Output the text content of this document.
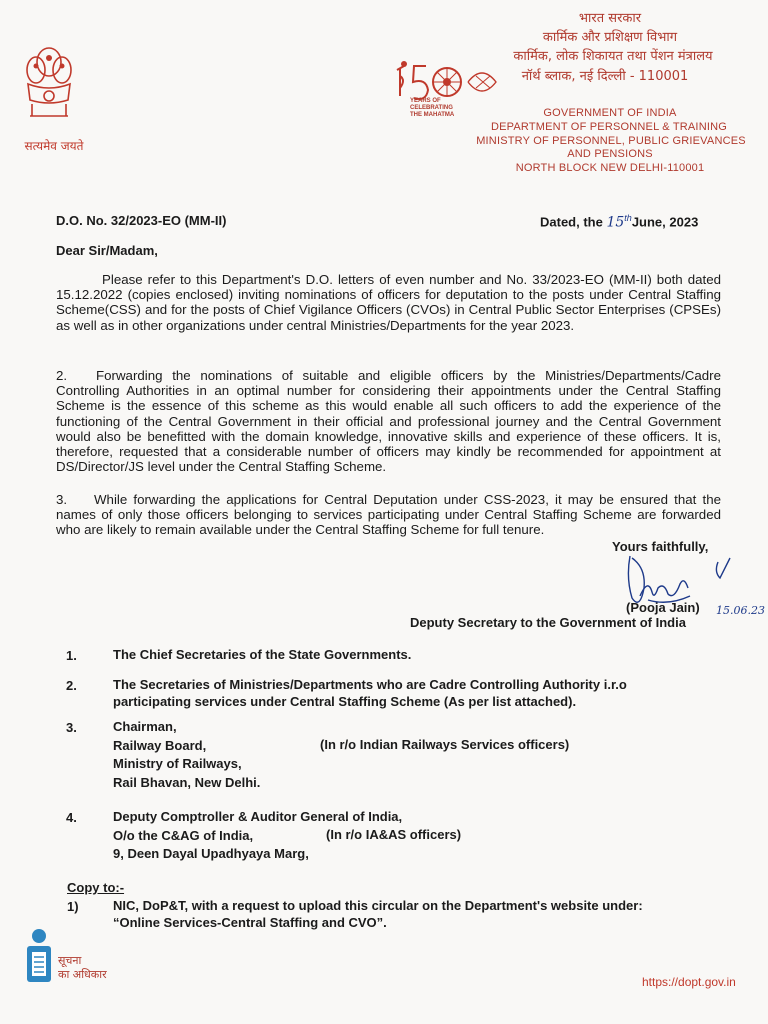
सत्यमेव जयते
YEARS OF
CELEBRATING
THE MAHATMA
भारत सरकार
कार्मिक और प्रशिक्षण विभाग
कार्मिक, लोक शिकायत तथा पेंशन मंत्रालय
नॉर्थ ब्लाक, नई दिल्ली - 110001
GOVERNMENT OF INDIA
DEPARTMENT OF PERSONNEL & TRAINING
MINISTRY OF PERSONNEL, PUBLIC GRIEVANCES
AND PENSIONS
NORTH BLOCK NEW DELHI-110001
D.O. No. 32/2023-EO (MM-II)	Dated, the 15thJune, 2023
Dear Sir/Madam,
Please refer to this Department's D.O. letters of even number and No. 33/2023-EO (MM-II) both dated 15.12.2022 (copies enclosed) inviting nominations of officers for deputation to the posts under Central Staffing Scheme(CSS) and for the posts of Chief Vigilance Officers (CVOs) in Central Public Sector Enterprises (CPSEs) as well as in other organizations under central Ministries/Departments for the year 2023.
2. Forwarding the nominations of suitable and eligible officers by the Ministries/Departments/Cadre Controlling Authorities in an optimal number for considering their appointments under the Central Staffing Scheme is the essence of this scheme as this would enable all such officers to add the experience of the functioning of the Central Government in their official and professional journey and the Central Government would also be benefitted with the domain knowledge, innovative skills and experience of these officers. It is, therefore, requested that a considerable number of officers may kindly be recommended for appointment at DS/Director/JS level under the Central Staffing Scheme.
3. While forwarding the applications for Central Deputation under CSS-2023, it may be ensured that the names of only those officers belonging to services participating under Central Staffing Scheme are forwarded who are likely to remain available under the Central Staffing Scheme for full tenure.
Yours faithfully,
(Pooja Jain) 15.06.23
Deputy Secretary to the Government of India
1.	The Chief Secretaries of the State Governments.
2.	The Secretaries of Ministries/Departments who are Cadre Controlling Authority i.r.o
participating services under Central Staffing Scheme (As per list attached).
3.	Chairman,
Railway Board,
Ministry of Railways,
Rail Bhavan, New Delhi.
(In r/o Indian Railways Services officers)
4.	Deputy Comptroller & Auditor General of India,
O/o the C&AG of India,
9, Deen Dayal Upadhyaya Marg,
(In r/o IA&AS officers)
Copy to:-
1)	NIC, DoP&T, with a request to upload this circular on the Department's website under:
“Online Services-Central Staffing and CVO”.
सूचना
का अधिकार
https://dopt.gov.in
